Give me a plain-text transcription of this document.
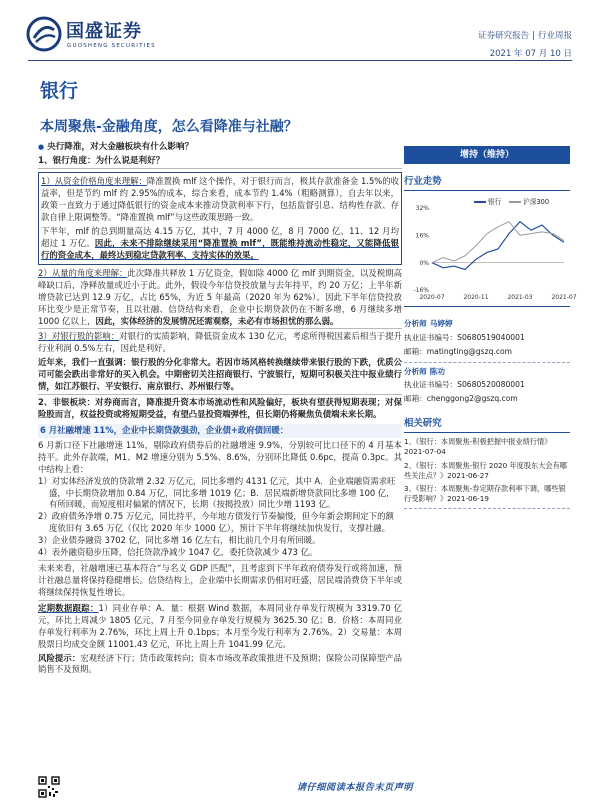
国盛证券
GUOSHENG SECURITIES
证券研究报告 | 行业周报
2021 年 07 月 10 日
银行
本周聚焦-金融角度，怎么看降准与社融？
● 央行降准，对大金融板块有什么影响？
1、银行角度：为什么说是利好？
1）从资金价格角度来理解：降准置换 mlf 这个操作，对于银行而言，极其存款准备金 1.5%的收益率，但是节约 mlf 约 2.95%的成本，综合来看，成本节约 1.4%（粗略测算），自去年以来，政策一直致力于通过降低银行的资金成本来推动贷款利率下行，包括监督引息、结构性存款、存款自律上限调整等。“降准置换 mlf”与这些政策思路一致。
下半年，mlf 的总到期量高达 4.15 万亿，其中，7 月 4000 亿，8 月 7000 亿、11、12 月均超过 1 万亿。因此，未来不排除继续采用“降准置换 mlf”，既能维持流动性稳定，又能降低银行的资金成本，最终达到稳定贷款利率、支持实体的效果。
2）从量的角度来理解：此次降准共释放 1 万亿资金，假如除 4000 亿 mlf 到期资金，以及税期高峰缺口后，净释放量或近小于此。此外，假设今年信贷投放量与去年持平，约 20 万亿；上半年新增贷款已达到 12.9 万亿，占比 65%，为近 5 年最高（2020 年为 62%）。因此下半年信贷投放环比变少是正常节奏，且以社融、信贷结构来看，企业中长期贷款仍在不断多增，6 月继续多增 1000 亿以上，因此，实体经济的发展情况还需观察，未必有市场担忧的那么弱。
3）对银行股的影响：对银行的实质影响，降低资金成本 130 亿元，考虑所得税因素后相当于提升行业利润 0.5%左右，因此是利好。
近年来，我们一直强调：银行股的分化非常大。若因市场风格转换继续带来银行股的下跌，优质公司可能会跌出非常好的买入机会。中期密切关注招商银行、宁波银行，短期可积极关注中报业绩行情，如江苏银行、平安银行、南京银行、苏州银行等。
2、非银板块：对券商而言，降准提升资本市场流动性和风险偏好，板块有望获得短期表现；对保险股而言，权益投资或将短期受益，有望凸显投资端弹性，但长期仍将聚焦负债端未来长期。
6 月社融增速 11%，企业中长期贷款强劲，企业债+政府债回暖：
6 月新口径下社融增速 11%，剔除政府债券后的社融增速 9.9%，分别较可比口径下的 4 月基本持平。此外存款端，M1、M2 增速分别为 5.5%、8.6%，分别环比降低 0.6pc，提高 0.3pc。其中结构上看：
1）对实体经济发放的贷款增 2.32 万亿元，同比多增约 4131 亿元，其中 A．企业端融资需求旺盛，中长期贷款增加 0.84 万亿，同比多增 1019 亿；B．居民端新增贷款同比多增 100 亿，有所回暖，而短度相对偏紧的情况下，长期（按揭投放）同比少增 1193 亿。
2）政府债务净增 0.75 万亿元，同比持平，今年地方债发行节奏偏慢，但今年新会期间定下的额度依旧有 3.65 万亿（仅比 2020 年少 1000 亿），预计下半年将继续加快发行，支撑社融。
3）企业债券融资 3702 亿，同比多增 16 亿左右，相比前几个月有所回暖。
4）表外融资稳步压降，信托贷款净减少 1047 亿，委托贷款减少 473 亿。
未来来看，社融增速已基本符合“与名义 GDP 匹配”，且考虑到下半年政府债券发行或将加速，预计社融总量将保持稳健增长。信贷结构上，企业端中长期需求仍相对旺盛，居民端消费贷下半年或将继续保持恢复性增长。
定期数据跟踪：1）同业存单：A．量：根据 Wind 数据，本周同业存单发行规模为 3319.70 亿元，环比上周减少 1805 亿元，7 月至今同业存单发行规模为 3625.30 亿；B．价格：本周同业存单发行利率为 2.76%，环比上周上升 0.1bps；本月至今发行利率为 2.76%。2）交易量：本周股票日均成交金额 11001.43 亿元，环比上周上升 1041.99 亿元。
风险提示：宏观经济下行；货币政策转向；资本市场改革政策推进不及预期；保险公司保障型产品销售不及预期。
增持（维持）
行业走势
-16%
0%
16%
32%
2020-07	2020-11	2021-03	2021-07
银行	沪深300
分析师 马婷婷
执业证书编号：S0680519040001
邮箱：matingting@gszq.com
分析师 陈功
执业证书编号：S0680520080001
邮箱：chenggong2@gszq.com
相关研究
1、《银行：本周聚焦-积极把握中报业绩行情》2021-07-04
2、《银行：本周聚焦-银行 2020 年度股东大会有哪些关注点？》2021-06-27
3、《银行：本周聚焦-券定期存款利率下调，哪些银行受影响？》2021-06-19
请仔细阅读本报告末页声明
